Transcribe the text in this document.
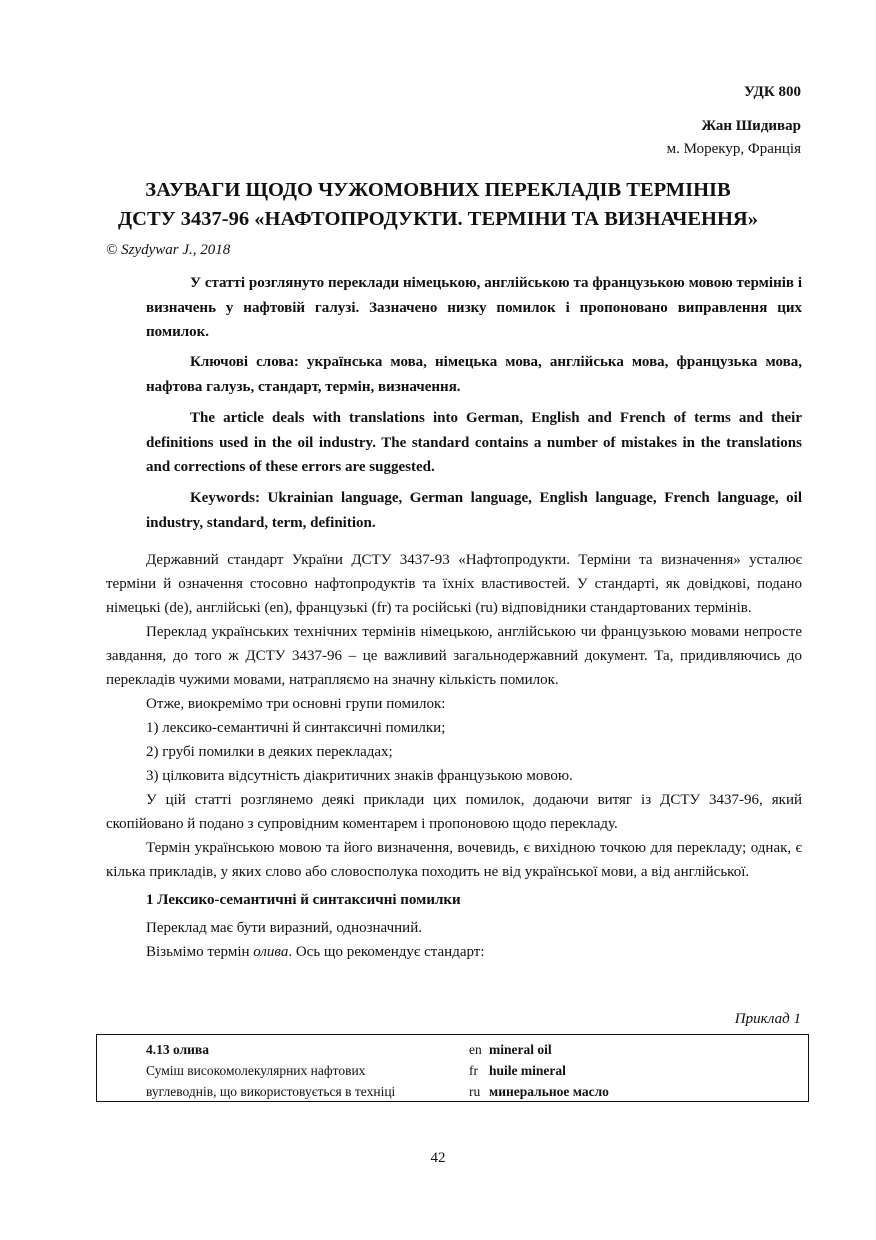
УДК 800
Жан Шидивар
м. Морекур, Франція
ЗАУВАГИ ЩОДО ЧУЖОМОВНИХ ПЕРЕКЛАДІВ ТЕРМІНІВ
ДСТУ 3437-96 «НАФТОПРОДУКТИ. ТЕРМІНИ ТА ВИЗНАЧЕННЯ»
© Szydywar J., 2018

У статті розглянуто переклади німецькою, англійською та французькою мовою термінів і визначень у нафтовій галузі. Зазначено низку помилок і пропоновано виправлення цих помилок.

Ключові слова: українська мова, німецька мова, англійська мова, французька мова, нафтова галузь, стандарт, термін, визначення.

The article deals with translations into German, English and French of terms and their definitions used in the oil industry. The standard contains a number of mistakes in the translations and corrections of these errors are suggested.

Keywords: Ukrainian language, German language, English language, French language, oil industry, standard, term, definition.

Державний стандарт України ДСТУ 3437-93 «Нафтопродукти. Терміни та визначення» усталює терміни й означення стосовно нафтопродуктів та їхніх властивостей. У стандарті, як довідкові, подано німецькі (de), англійські (en), французькі (fr) та російські (ru) відповідники стандартованих термінів.

Переклад українських технічних термінів німецькою, англійською чи французькою мовами непросте завдання, до того ж ДСТУ 3437-96 – це важливий загальнодержавний документ. Та, придивляючись до перекладів чужими мовами, натрапляємо на значну кількість помилок.

Отже, виокремімо три основні групи помилок:

1) лексико-семантичні й синтаксичні помилки;

2) грубі помилки в деяких перекладах;

3) цілковита відсутність діакритичних знаків французькою мовою.

У цій статті розглянемо деякі приклади цих помилок, додаючи витяг із ДСТУ 3437-96, який скопійовано й подано з супровідним коментарем і пропоновою щодо перекладу.

Термін українською мовою та його визначення, вочевидь, є вихідною точкою для перекладу; однак, є кілька прикладів, у яких слово або словосполука походить не від української мови, а від англійської.

1 Лексико-семантичні й синтаксичні помилки

Переклад має бути виразний, однозначний.

Візьмімо термін олива. Ось що рекомендує стандарт:

Приклад 1
4.13 олива
Суміш високомолекулярних нафтових
вуглеводнів, що використовується в техніці
en mineral oil
fr huile mineral
ru минеральное масло
42
